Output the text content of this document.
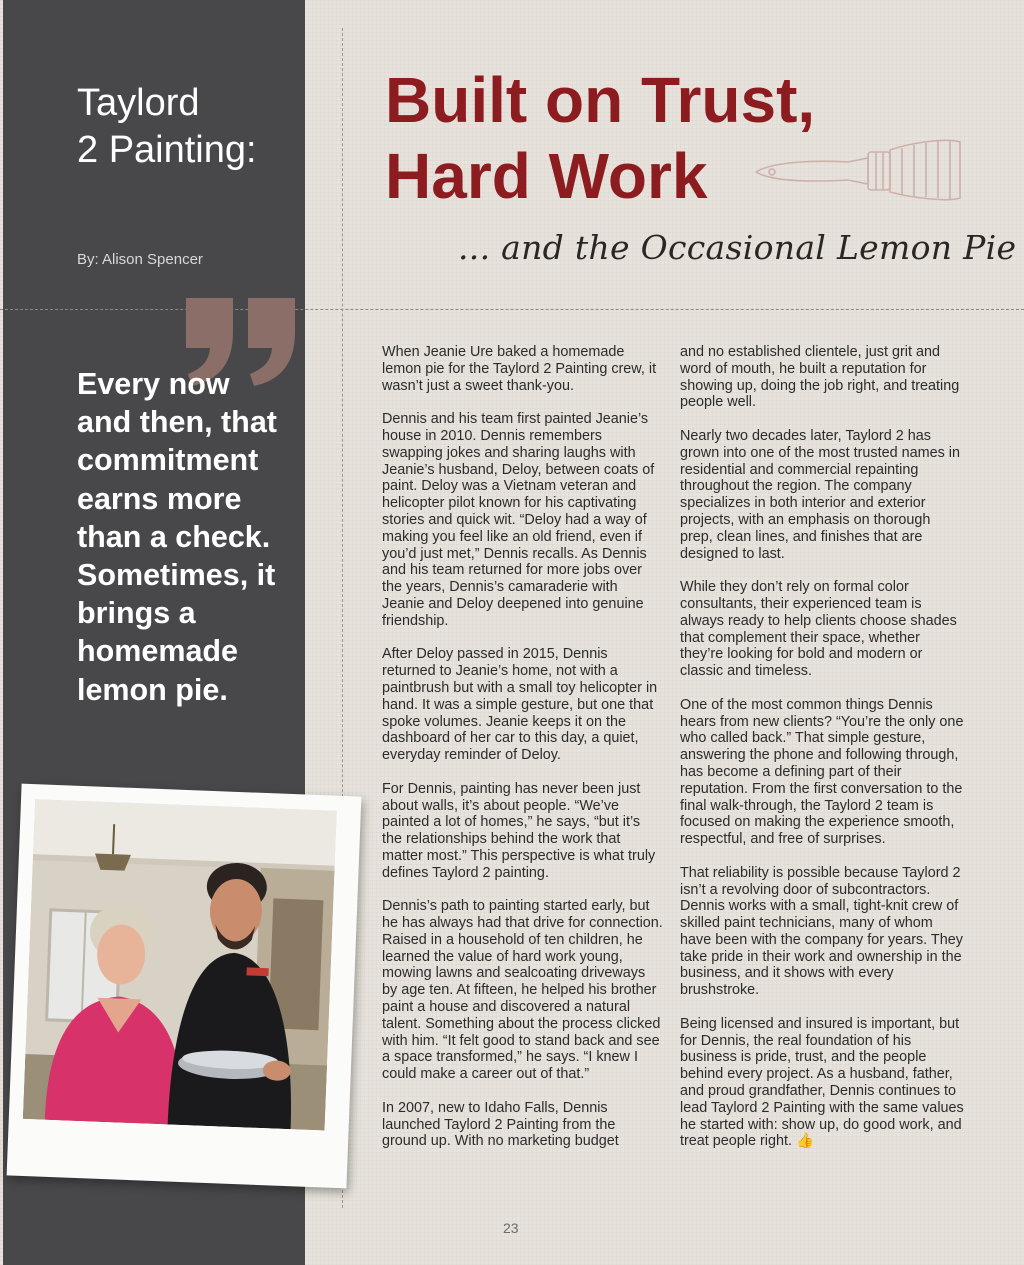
Taylord
2 Painting:

By: Alison Spencer

Every now and then, that commitment earns more than a check. Sometimes, it brings a homemade lemon pie.

Built on Trust,
Hard Work

... and the Occasional Lemon Pie

When Jeanie Ure baked a homemade lemon pie for the Taylord 2 Painting crew, it wasn’t just a sweet thank-you.

Dennis and his team first painted Jeanie’s house in 2010. Dennis remembers swapping jokes and sharing laughs with Jeanie’s husband, Deloy, between coats of paint. Deloy was a Vietnam veteran and helicopter pilot known for his captivating stories and quick wit. “Deloy had a way of making you feel like an old friend, even if you’d just met,” Dennis recalls. As Dennis and his team returned for more jobs over the years, Dennis’s camaraderie with Jeanie and Deloy deepened into genuine friendship.

After Deloy passed in 2015, Dennis returned to Jeanie’s home, not with a paintbrush but with a small toy helicopter in hand. It was a simple gesture, but one that spoke volumes. Jeanie keeps it on the dashboard of her car to this day, a quiet, everyday reminder of Deloy.

For Dennis, painting has never been just about walls, it’s about people. “We’ve painted a lot of homes,” he says, “but it’s the relationships behind the work that matter most.” This perspective is what truly defines Taylord 2 painting.

Dennis’s path to painting started early, but he has always had that drive for connection. Raised in a household of ten children, he learned the value of hard work young, mowing lawns and sealcoating driveways by age ten. At fifteen, he helped his brother paint a house and discovered a natural talent. Something about the process clicked with him. “It felt good to stand back and see a space transformed,” he says. “I knew I could make a career out of that.”

In 2007, new to Idaho Falls, Dennis launched Taylord 2 Painting from the ground up. With no marketing budget

and no established clientele, just grit and word of mouth, he built a reputation for showing up, doing the job right, and treating people well.

Nearly two decades later, Taylord 2 has grown into one of the most trusted names in residential and commercial repainting throughout the region. The company specializes in both interior and exterior projects, with an emphasis on thorough prep, clean lines, and finishes that are designed to last.

While they don’t rely on formal color consultants, their experienced team is always ready to help clients choose shades that complement their space, whether they’re looking for bold and modern or classic and timeless.

One of the most common things Dennis hears from new clients? “You’re the only one who called back.” That simple gesture, answering the phone and following through, has become a defining part of their reputation. From the first conversation to the final walk-through, the Taylord 2 team is focused on making the experience smooth, respectful, and free of surprises.

That reliability is possible because Taylord 2 isn’t a revolving door of subcontractors. Dennis works with a small, tight-knit crew of skilled paint technicians, many of whom have been with the company for years. They take pride in their work and ownership in the business, and it shows with every brushstroke.

Being licensed and insured is important, but for Dennis, the real foundation of his business is pride, trust, and the people behind every project. As a husband, father, and proud grandfather, Dennis continues to lead Taylord 2 Painting with the same values he started with: show up, do good work, and treat people right. 👍

23
